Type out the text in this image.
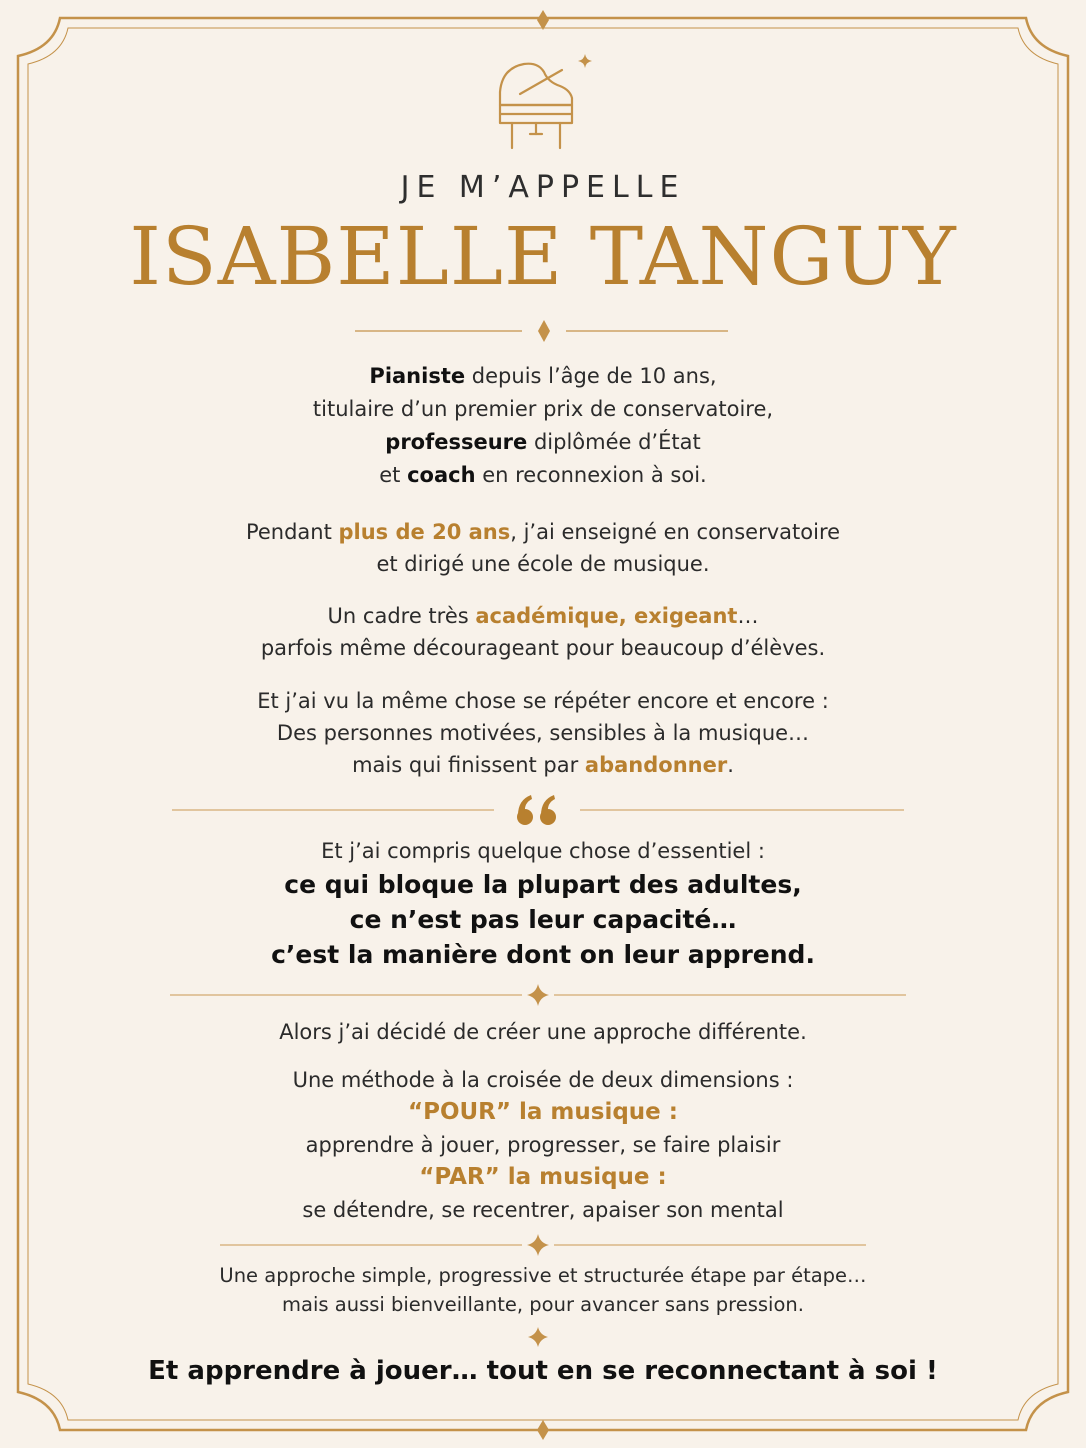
JE M’APPELLE
ISABELLE TANGUY

Pianiste depuis l’âge de 10 ans,

titulaire d’un premier prix de conservatoire,

professeure diplômée d’État

et coach en reconnexion à soi.

Pendant plus de 20 ans, j’ai enseigné en conservatoire

et dirigé une école de musique.

Un cadre très académique, exigeant…

parfois même décourageant pour beaucoup d’élèves.

Et j’ai vu la même chose se répéter encore et encore :

Des personnes motivées, sensibles à la musique…

mais qui finissent par abandonner.

Et j’ai compris quelque chose d’essentiel :

ce qui bloque la plupart des adultes,

ce n’est pas leur capacité…

c’est la manière dont on leur apprend.

Alors j’ai décidé de créer une approche différente.

Une méthode à la croisée de deux dimensions :

“POUR” la musique :

apprendre à jouer, progresser, se faire plaisir

“PAR” la musique :

se détendre, se recentrer, apaiser son mental

Une approche simple, progressive et structurée étape par étape…

mais aussi bienveillante, pour avancer sans pression.

Et apprendre à jouer… tout en se reconnectant à soi !
